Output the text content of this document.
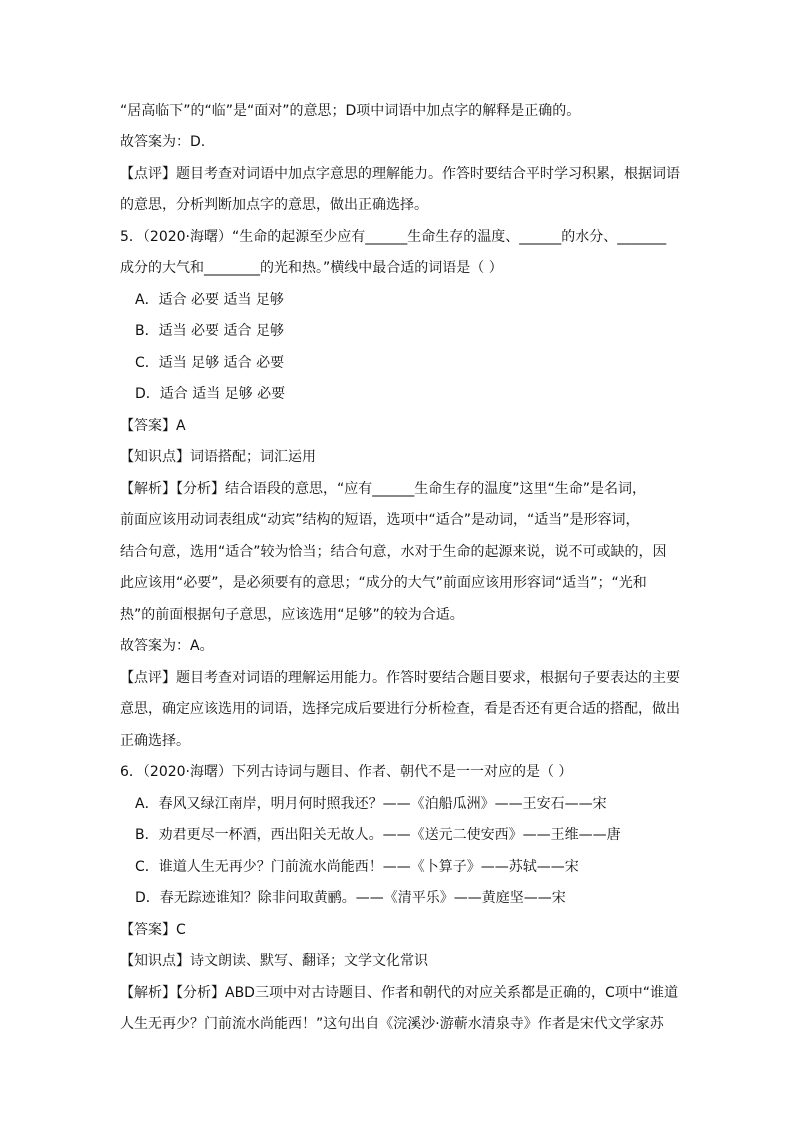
“居高临下”的“临”是“面对”的意思；D项中词语中加点字的解释是正确的。
故答案为：D.
【点评】题目考查对词语中加点字意思的理解能力。作答时要结合平时学习积累，根据词语
的意思，分析判断加点字的意思，做出正确选择。
5．（2020·海曙）“生命的起源至少应有______生命生存的温度、______的水分、_______
成分的大气和________的光和热。”横线中最合适的词语是（ ）
A．适合 必要 适当 足够
B．适当 必要 适合 足够
C．适当 足够 适合 必要
D．适合 适当 足够 必要
【答案】A
【知识点】词语搭配；词汇运用
【解析】【分析】结合语段的意思，“应有______生命生存的温度”这里“生命”是名词，
前面应该用动词表组成“动宾”结构的短语，选项中“适合”是动词，“适当”是形容词，
结合句意，选用“适合”较为恰当；结合句意，水对于生命的起源来说，说不可或缺的，因
此应该用“必要”，是必须要有的意思；“成分的大气”前面应该用形容词“适当”；“光和
热”的前面根据句子意思，应该选用“足够”的较为合适。
故答案为：A。
【点评】题目考查对词语的理解运用能力。作答时要结合题目要求，根据句子要表达的主要
意思，确定应该选用的词语，选择完成后要进行分析检查，看是否还有更合适的搭配，做出
正确选择。
6．（2020·海曙）下列古诗词与题目、作者、朝代不是一一对应的是（ ）
A．春风又绿江南岸，明月何时照我还？——《泊船瓜洲》——王安石——宋
B．劝君更尽一杯酒，西出阳关无故人。——《送元二使安西》——王维——唐
C．谁道人生无再少？门前流水尚能西！——《卜算子》——苏轼——宋
D．春无踪迹谁知？除非问取黄鹂。——《清平乐》——黄庭坚——宋
【答案】C
【知识点】诗文朗读、默写、翻译；文学文化常识
【解析】【分析】ABD三项中对古诗题目、作者和朝代的对应关系都是正确的，C项中“谁道
人生无再少？门前流水尚能西！”这句出自《浣溪沙·游蕲水清泉寺》作者是宋代文学家苏
